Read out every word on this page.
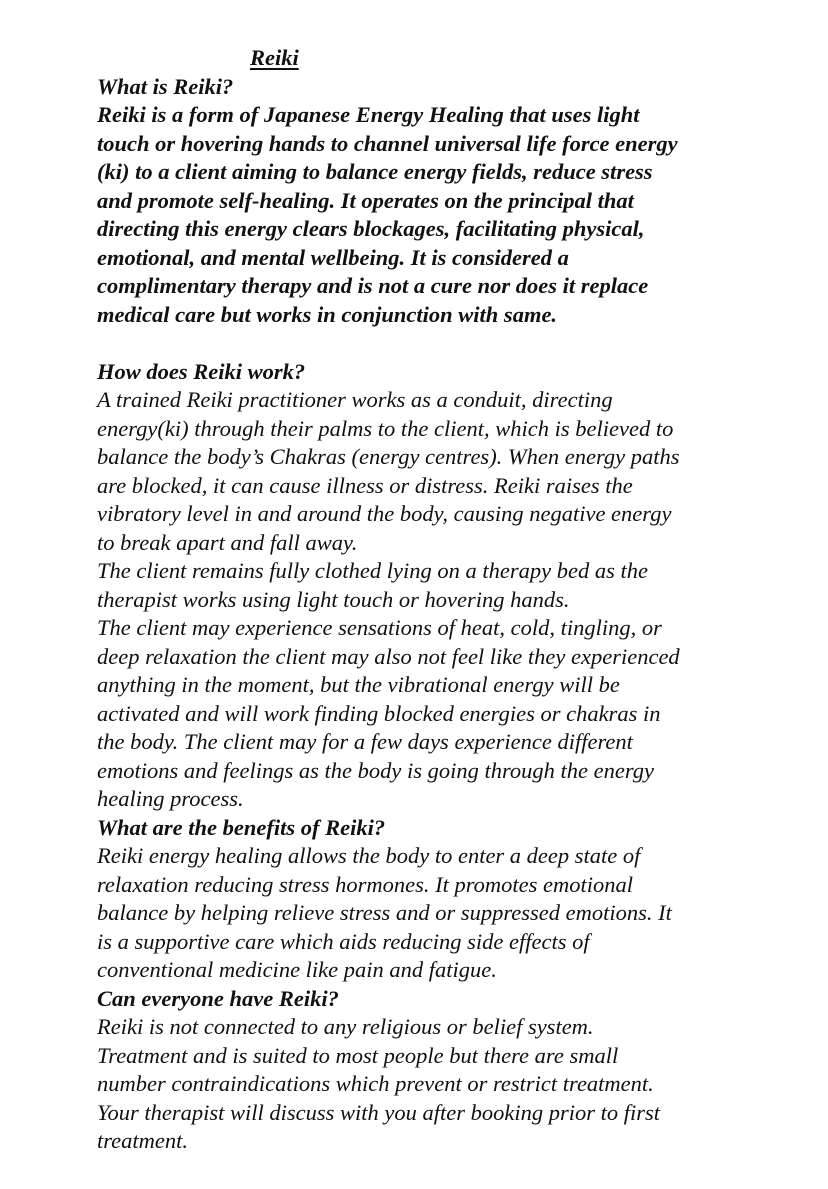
Reiki
What is Reiki?
Reiki is a form of Japanese Energy Healing that uses light
touch or hovering hands to channel universal life force energy
(ki) to a client aiming to balance energy fields, reduce stress
and promote self-healing. It operates on the principal that
directing this energy clears blockages, facilitating physical,
emotional, and mental wellbeing. It is considered a
complimentary therapy and is not a cure nor does it replace
medical care but works in conjunction with same.
How does Reiki work?
A trained Reiki practitioner works as a conduit, directing
energy(ki) through their palms to the client, which is believed to
balance the body’s Chakras (energy centres). When energy paths
are blocked, it can cause illness or distress. Reiki raises the
vibratory level in and around the body, causing negative energy
to break apart and fall away.
The client remains fully clothed lying on a therapy bed as the
therapist works using light touch or hovering hands.
The client may experience sensations of heat, cold, tingling, or
deep relaxation the client may also not feel like they experienced
anything in the moment, but the vibrational energy will be
activated and will work finding blocked energies or chakras in
the body. The client may for a few days experience different
emotions and feelings as the body is going through the energy
healing process.
What are the benefits of Reiki?
Reiki energy healing allows the body to enter a deep state of
relaxation reducing stress hormones. It promotes emotional
balance by helping relieve stress and or suppressed emotions. It
is a supportive care which aids reducing side effects of
conventional medicine like pain and fatigue.
Can everyone have Reiki?
Reiki is not connected to any religious or belief system.
Treatment and is suited to most people but there are small
number contraindications which prevent or restrict treatment.
Your therapist will discuss with you after booking prior to first
treatment.
